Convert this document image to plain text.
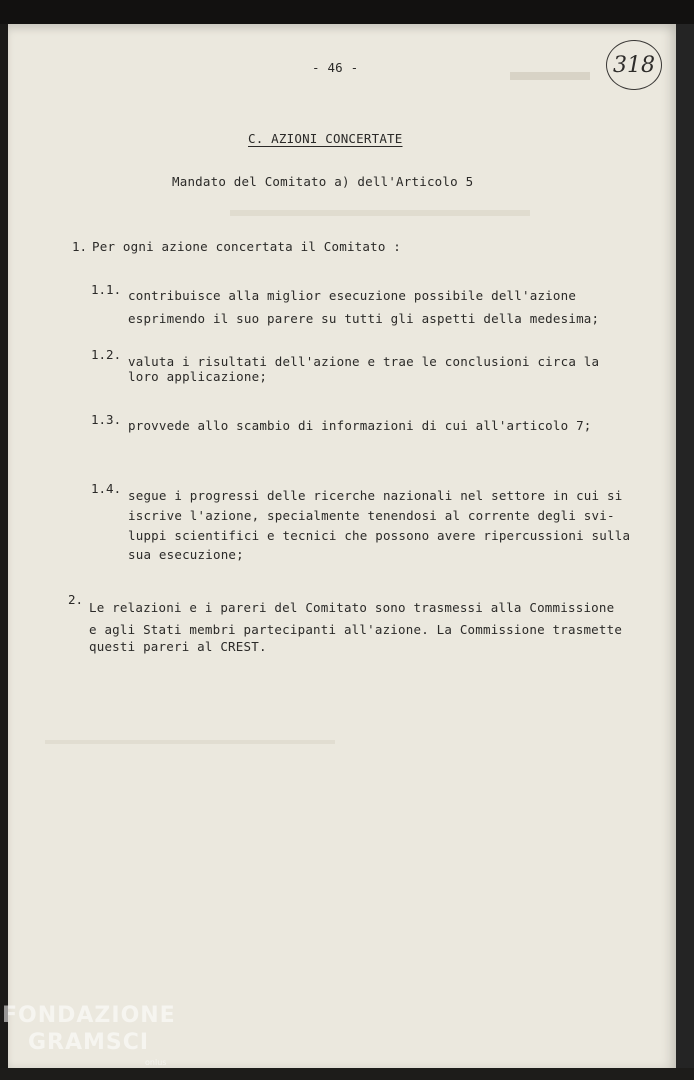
- 46 -	318
C. AZIONI CONCERTATE
Mandato del Comitato a) dell'Articolo 5
1. Per ogni azione concertata il Comitato :
1.1. contribuisce alla miglior esecuzione possibile dell'azione
esprimendo il suo parere su tutti gli aspetti della medesima;
1.2. valuta i risultati dell'azione e trae le conclusioni circa la
loro applicazione;
1.3. provvede allo scambio di informazioni di cui all'articolo 7;
1.4. segue i progressi delle ricerche nazionali nel settore in cui si
iscrive l'azione, specialmente tenendosi al corrente degli svi-
luppi scientifici e tecnici che possono avere ripercussioni sulla
sua esecuzione;
2.
Le relazioni e i pareri del Comitato sono trasmessi alla Commissione
e agli Stati membri partecipanti all'azione. La Commissione trasmette
questi pareri al CREST.
FONDAZIONE
GRAMSCI
onlus
